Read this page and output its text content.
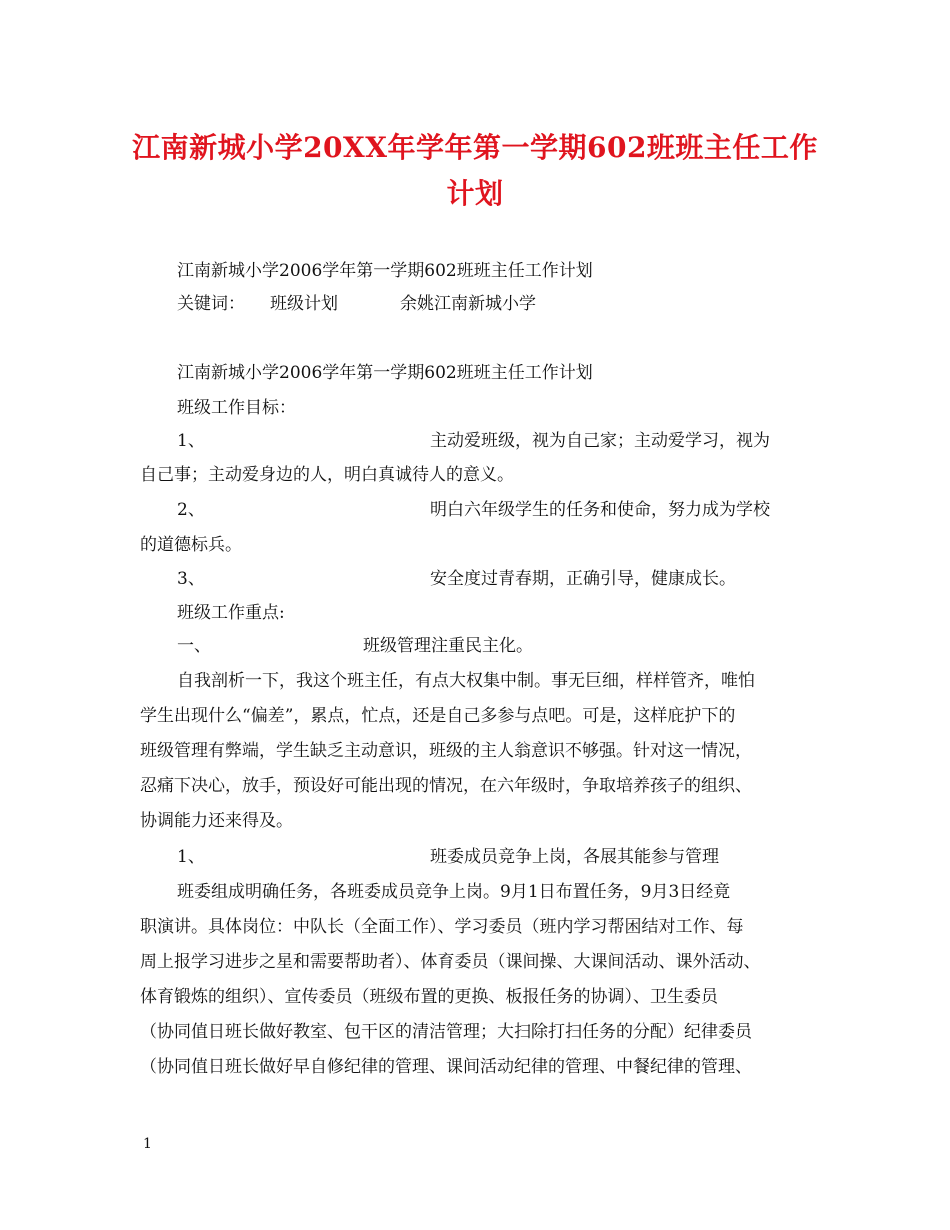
江南新城小学20XX年学年第一学期602班班主任工作
计划

江南新城小学2006学年第一学期602班班主任工作计划

关键词： 班级计划	余姚江南新城小学

江南新城小学2006学年第一学期602班班主任工作计划

班级工作目标：

1、	主动爱班级，视为自己家；主动爱学习，视为

自己事；主动爱身边的人，明白真诚待人的意义。

2、	明白六年级学生的任务和使命，努力成为学校

的道德标兵。

3、	安全度过青春期，正确引导，健康成长。

班级工作重点:

一、	班级管理注重民主化。

自我剖析一下，我这个班主任，有点大权集中制。事无巨细，样样管齐，唯怕

学生出现什么“偏差”，累点，忙点，还是自己多参与点吧。可是，这样庇护下的

班级管理有弊端，学生缺乏主动意识，班级的主人翁意识不够强。针对这一情况，

忍痛下决心，放手，预设好可能出现的情况，在六年级时，争取培养孩子的组织、

协调能力还来得及。

1、	班委成员竞争上岗，各展其能参与管理

班委组成明确任务，各班委成员竞争上岗。9月1日布置任务，9月3日经竟

职演讲。具体岗位：中队长（全面工作）、学习委员（班内学习帮困结对工作、每

周上报学习进步之星和需要帮助者）、体育委员（课间操、大课间活动、课外活动、

体育锻炼的组织）、宣传委员（班级布置的更换、板报任务的协调）、卫生委员

（协同值日班长做好教室、包干区的清洁管理；大扫除打扫任务的分配）纪律委员

（协同值日班长做好早自修纪律的管理、课间活动纪律的管理、中餐纪律的管理、

1
